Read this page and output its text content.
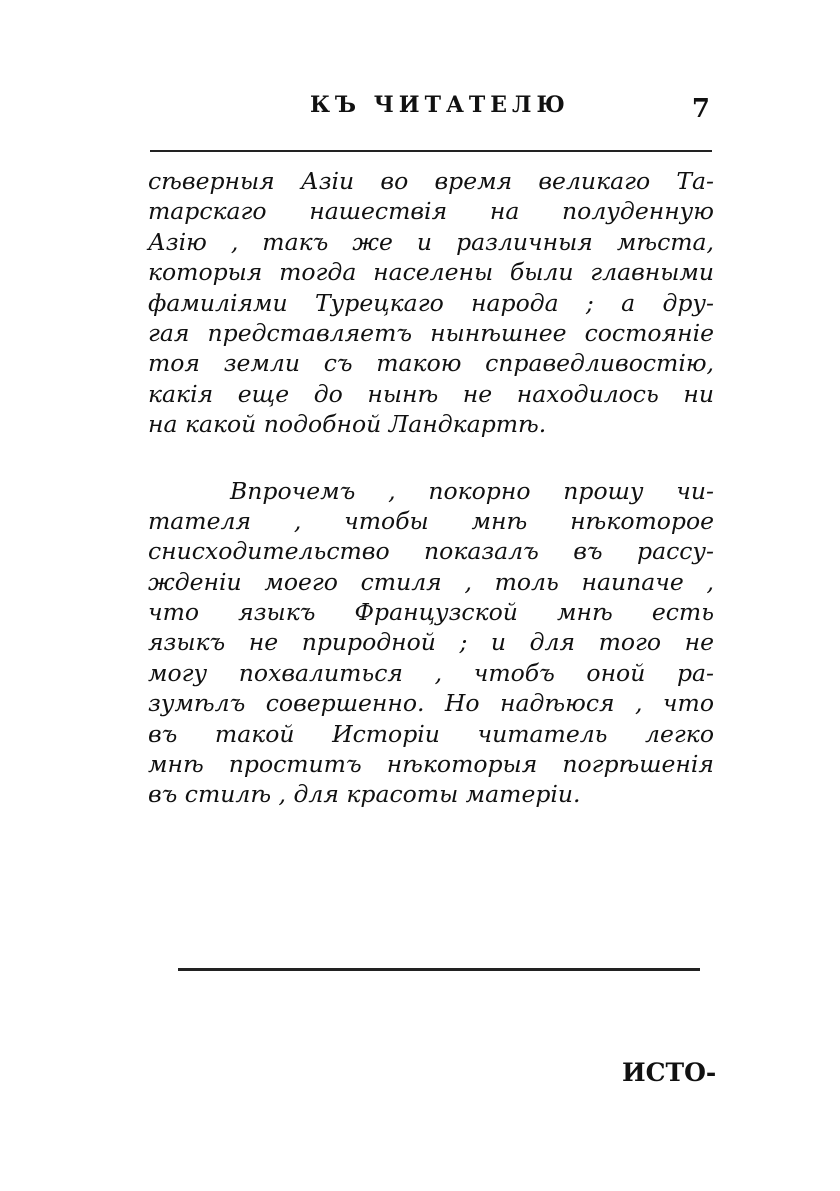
КЪ ЧИТАТЕЛЮ	7
сѣверныя Азіи во время великаго Та-
тарскаго нашествія на полуденную
Азію , такъ же и различныя мѣста,
которыя тогда населены были главными
фамиліями Турецкаго народа ; а дру-
гая представляетъ нынѣшнее состояніе
тоя земли съ такою справедливостію,
какія еще до нынѣ не находилось ни
на какой подобной Ландкартѣ.
Впрочемъ , покорно прошу чи-
тателя , чтобы мнѣ нѣкоторое
снисходительство показалъ въ рассу-
жденіи моего стиля , толь наипаче ,
что языкъ Французской мнѣ есть
языкъ не природной ; и для того не
могу похвалиться , чтобъ оной ра-
зумѣлъ совершенно. Но надѣюся , что
въ такой Исторіи читатель легко
мнѣ проститъ нѣкоторыя погрѣшенія
въ стилѣ , для красоты матеріи.
ИСТО-
